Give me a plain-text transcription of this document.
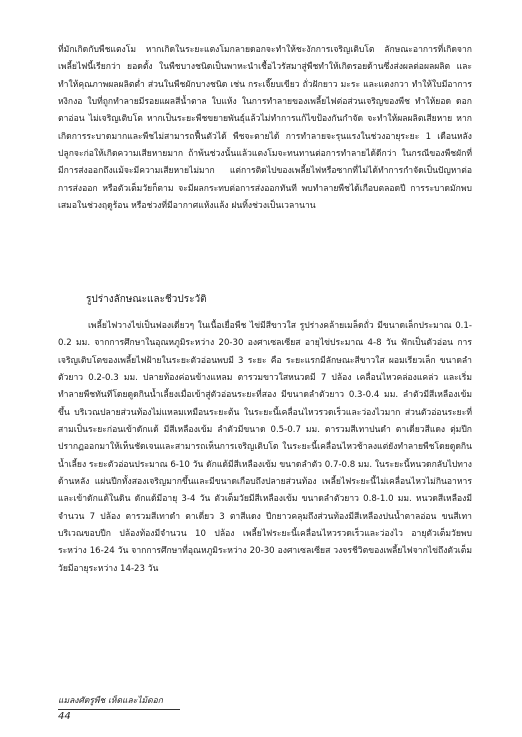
ที่มักเกิดกับพืชแตงโม หากเกิดในระยะแตงโมกลายดอกจะทำให้ชะงักการเจริญเติบโต ลักษณะอาการที่เกิดจากเพลี้ยไฟนี้เรียกว่า ยอดตั้ง ในพืชบางชนิดเป็นพาหะนำเชื้อไวรัสมาสู่พืชทำให้เกิดรอยด้านซึ่งส่งผลต่อผลผลิต และทำให้คุณภาพผลผลิตต่ำ ส่วนในพืชผักบางชนิด เช่น กระเจี๊ยบเขียว ถั่วฝักยาว มะระ และแตงกวา ทำให้ใบมีอาการหงิกงอ ใบที่ถูกทำลายมีรอยแผลสีน้ำตาล ใบแห้ง ในการทำลายของเพลี้ยไฟต่อส่วนเจริญของพืช ทำให้ยอด ดอก ตาอ่อน ไม่เจริญเติบโต หากเป็นระยะพืชขยายพันธุ์แล้วไม่ทำการแก้ไขป้องกันกำจัด จะทำให้ผลผลิตเสียหาย หากเกิดการระบาดมากและพืชไม่สามารถฟื้นตัวได้ พืชจะตายได้ การทำลายจะรุนแรงในช่วงอายุระยะ 1 เดือนหลังปลูกจะก่อให้เกิดความเสียหายมาก ถ้าพ้นช่วงนั้นแล้วแตงโมจะทนทานต่อการทำลายได้ดีกว่า ในกรณีของพืชผักที่มีการส่งออกถึงแม้จะมีความเสียหายไม่มาก แต่การติดไปของเพลี้ยไฟหรือซากที่ไม่ได้ทำการกำจัดเป็นปัญหาต่อการส่งออก หรือตัวเต็มวัยก็ตาม จะมีผลกระทบต่อการส่งออกทันที พบทำลายพืชได้เกือบตลอดปี การระบาดมักพบเสมอในช่วงฤดูร้อน หรือช่วงที่มีอากาศแห้งแล้ง ฝนทิ้งช่วงเป็นเวลานาน

รูปร่างลักษณะและชีวประวัติ

เพลี้ยไฟวางไข่เป็นฟองเดี่ยวๆ ในเนื้อเยื่อพืช ไข่มีสีขาวใส รูปร่างคล้ายเมล็ดถั่ว มีขนาดเล็กประมาณ 0.1-0.2 มม. จากการศึกษาในอุณหภูมิระหว่าง 20-30 องศาเซลเซียส อายุไข่ประมาณ 4-8 วัน ฟักเป็นตัวอ่อน การเจริญเติบโตของเพลี้ยไฟฝ้ายในระยะตัวอ่อนพบมี 3 ระยะ คือ ระยะแรกมีลักษณะสีขาวใส ผอมเรียวเล็ก ขนาดลำตัวยาว 0.2-0.3 มม. ปลายท้องค่อนข้างแหลม ตารวมขาวใสหนวดมี 7 ปล้อง เคลื่อนไหวคล่องแคล่ว และเริ่มทำลายพืชทันทีโดยดูดกินน้ำเลี้ยงเมื่อเข้าสู่ตัวอ่อนระยะที่สอง มีขนาดลำตัวยาว 0.3-0.4 มม. ลำตัวมีสีเหลืองเข้มขึ้น บริเวณปลายส่วนท้องไม่แหลมเหมือนระยะต้น ในระยะนี้เคลื่อนไหวรวดเร็วและว่องไวมาก ส่วนตัวอ่อนระยะที่สามเป็นระยะก่อนเข้าดักแด้ มีสีเหลืองเข้ม ลำตัวมีขนาด 0.5-0.7 มม. ตารวมสีเทาปนดำ ตาเดี่ยวสีแดง ตุ่มปีกปรากฏออกมาให้เห็นชัดเจนและสามารถเห็นการเจริญเติบโต ในระยะนี้เคลื่อนไหวช้าลงแต่ยังทำลายพืชโดยดูดกินน้ำเลี้ยง ระยะตัวอ่อนประมาณ 6-10 วัน ดักแด้มีสีเหลืองเข้ม ขนาดลำตัว 0.7-0.8 มม. ในระยะนี้หนวดกลับไปทางด้านหลัง แผ่นปีกทั้งสองเจริญมากขึ้นและมีขนาดเกือบถึงปลายส่วนท้อง เพลี้ยไฟระยะนี้ไม่เคลื่อนไหวไม่กินอาหารและเข้าดักแด้ในดิน ดักแด้มีอายุ 3-4 วัน ตัวเต็มวัยมีสีเหลืองเข้ม ขนาดลำตัวยาว 0.8-1.0 มม. หนวดสีเหลืองมีจำนวน 7 ปล้อง ตารวมสีเทาดำ ตาเดี่ยว 3 ตาสีแดง ปีกยาวคลุมถึงส่วนท้องมีสีเหลืองปนน้ำตาลอ่อน ขนสีเทาบริเวณขอบปีก ปล้องท้องมีจำนวน 10 ปล้อง เพลี้ยไฟระยะนี้เคลื่อนไหวรวดเร็วและว่องไว อายุตัวเต็มวัยพบระหว่าง 16-24 วัน จากการศึกษาที่อุณหภูมิระหว่าง 20-30 องศาเซลเซียส วงจรชีวิตของเพลี้ยไฟจากไข่ถึงตัวเต็มวัยมีอายุระหว่าง 14-23 วัน

แมลงศัตรูพืช เห็ดและไม้ดอก
44
